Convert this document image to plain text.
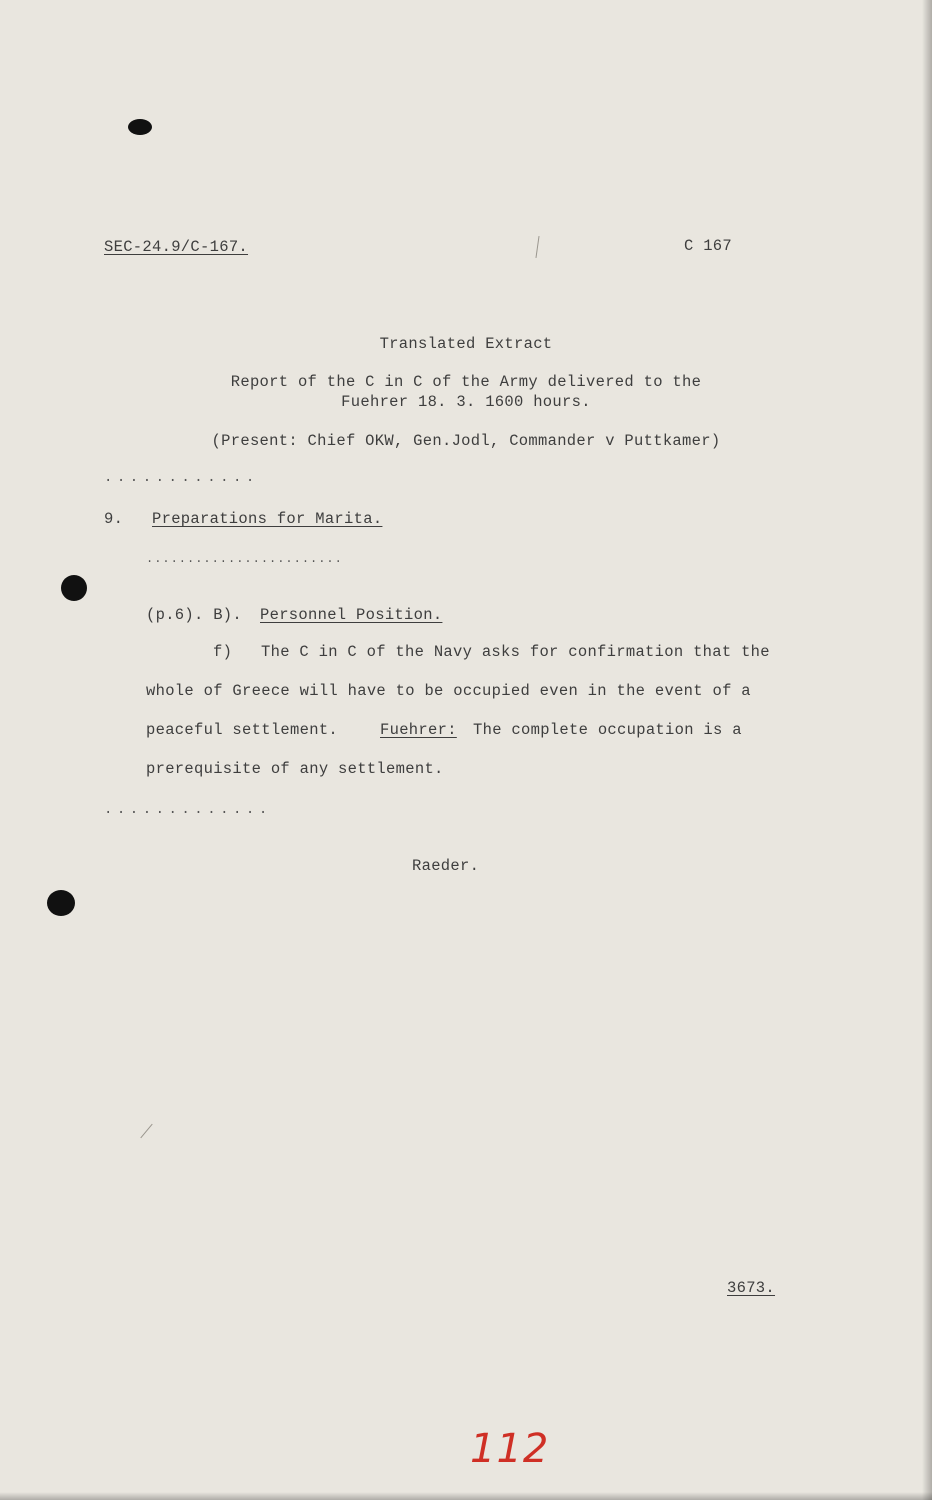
SEC-24.9/C-167.	C 167
Translated Extract
Report of the C in C of the Army delivered to the
Fuehrer 18. 3. 1600 hours.
(Present: Chief OKW, Gen.Jodl, Commander v Puttkamer)
............
9. Preparations for Marita.
........................
(p.6). B). Personnel Position.
f) The C in C of the Navy asks for confirmation that the
whole of Greece will have to be occupied even in the event of a
peaceful settlement.	Fuehrer: The complete occupation is a
prerequisite of any settlement.
.............
Raeder.
3673.
112
